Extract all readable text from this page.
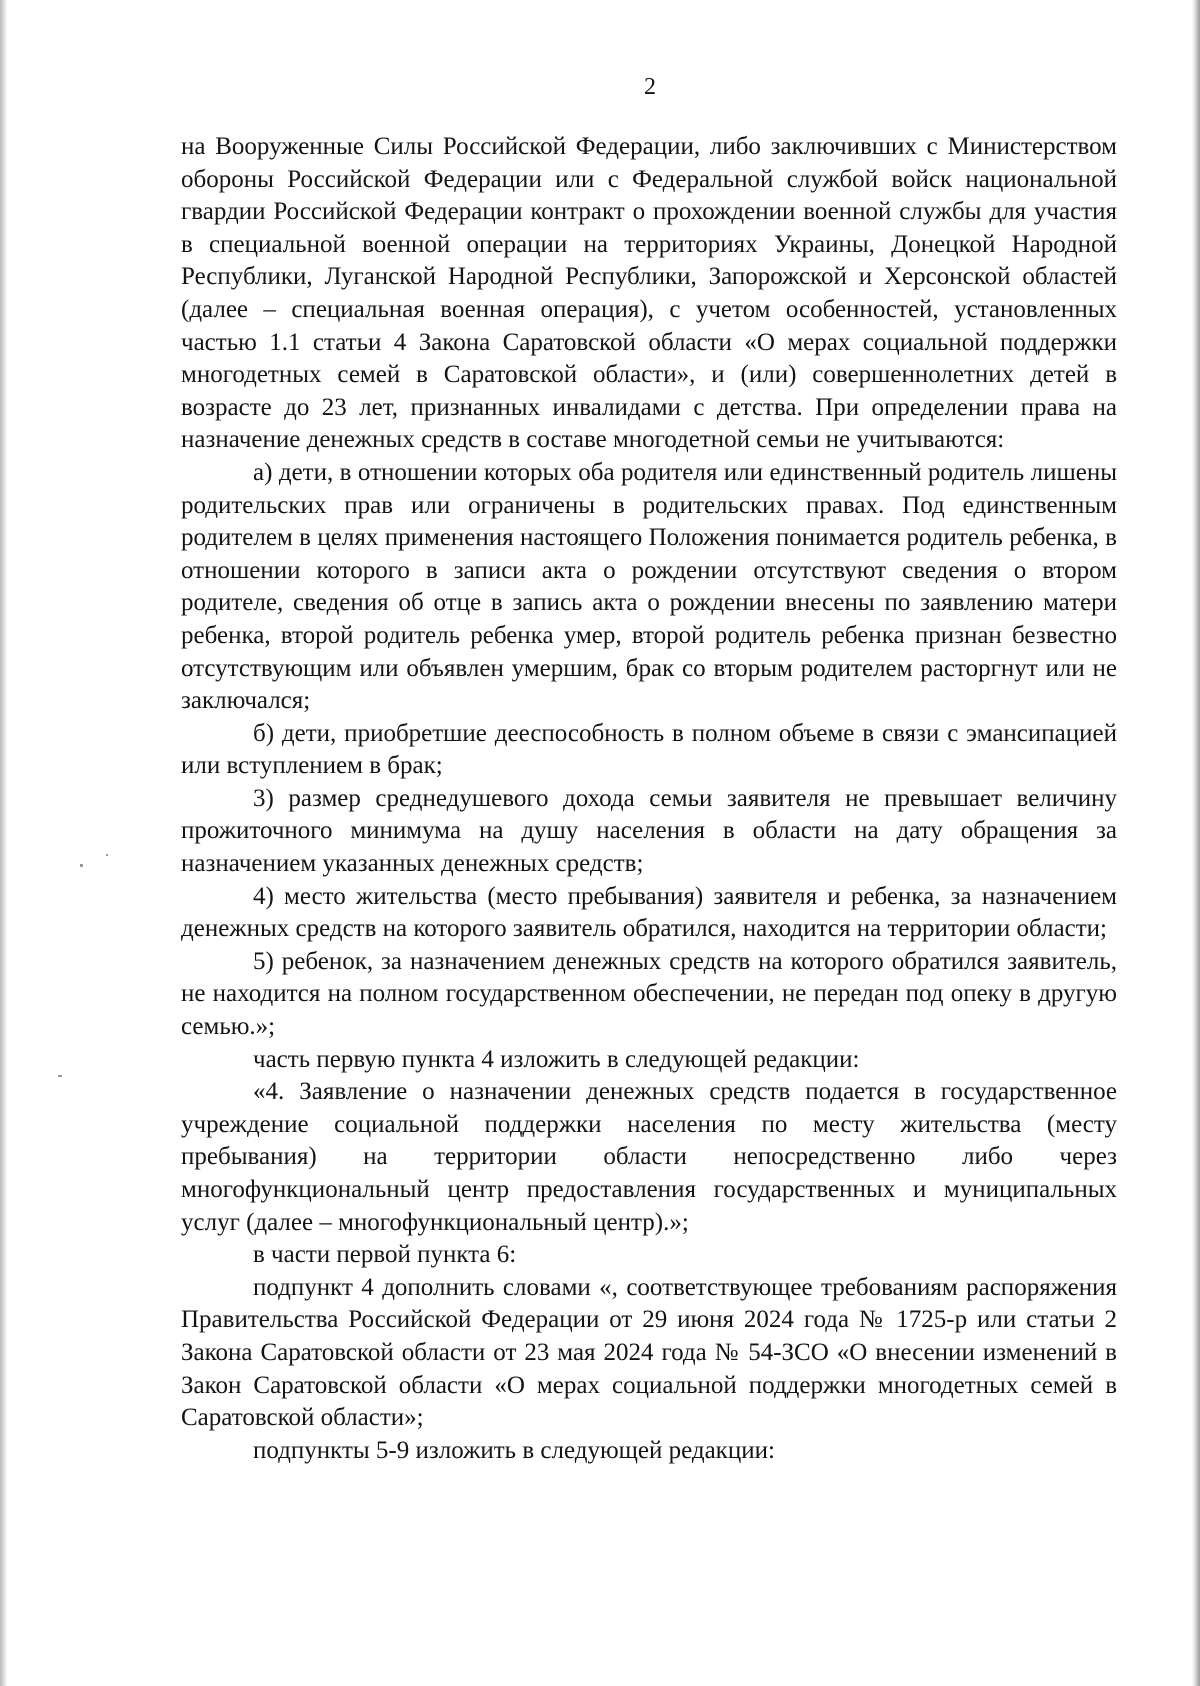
2

на Вооруженные Силы Российской Федерации, либо заключивших с Министерством обороны Российской Федерации или с Федеральной службой войск национальной гвардии Российской Федерации контракт о прохождении военной службы для участия в специальной военной операции на территориях Украины, Донецкой Народной Республики, Луганской Народной Республики, Запорожской и Херсонской областей (далее – специальная военная операция), с учетом особенностей, установленных частью 1.1 статьи 4 Закона Саратовской области «О мерах социальной поддержки многодетных семей в Саратовской области», и (или) совершеннолетних детей в возрасте до 23 лет, признанных инвалидами с детства. При определении права на назначение денежных средств в составе многодетной семьи не учитываются:

а) дети, в отношении которых оба родителя или единственный родитель лишены родительских прав или ограничены в родительских правах. Под единственным родителем в целях применения настоящего Положения понимается родитель ребенка, в отношении которого в записи акта о рождении отсутствуют сведения о втором родителе, сведения об отце в запись акта о рождении внесены по заявлению матери ребенка, второй родитель ребенка умер, второй родитель ребенка признан безвестно отсутствующим или объявлен умершим, брак со вторым родителем расторгнут или не заключался;

б) дети, приобретшие дееспособность в полном объеме в связи с эмансипацией или вступлением в брак;

3) размер среднедушевого дохода семьи заявителя не превышает величину прожиточного минимума на душу населения в области на дату обращения за назначением указанных денежных средств;

4) место жительства (место пребывания) заявителя и ребенка, за назначением денежных средств на которого заявитель обратился, находится на территории области;

5) ребенок, за назначением денежных средств на которого обратился заявитель, не находится на полном государственном обеспечении, не передан под опеку в другую семью.»;

часть первую пункта 4 изложить в следующей редакции:

«4. Заявление о назначении денежных средств подается в государственное учреждение социальной поддержки населения по месту жительства (месту пребывания) на территории области непосредственно либо через многофункциональный центр предоставления государственных и муниципальных услуг (далее – многофункциональный центр).»;

в части первой пункта 6:

подпункт 4 дополнить словами «, соответствующее требованиям распоряжения Правительства Российской Федерации от 29 июня 2024 года № 1725-р или статьи 2 Закона Саратовской области от 23 мая 2024 года № 54-ЗСО «О внесении изменений в Закон Саратовской области «О мерах социальной поддержки многодетных семей в Саратовской области»;

подпункты 5-9 изложить в следующей редакции:
